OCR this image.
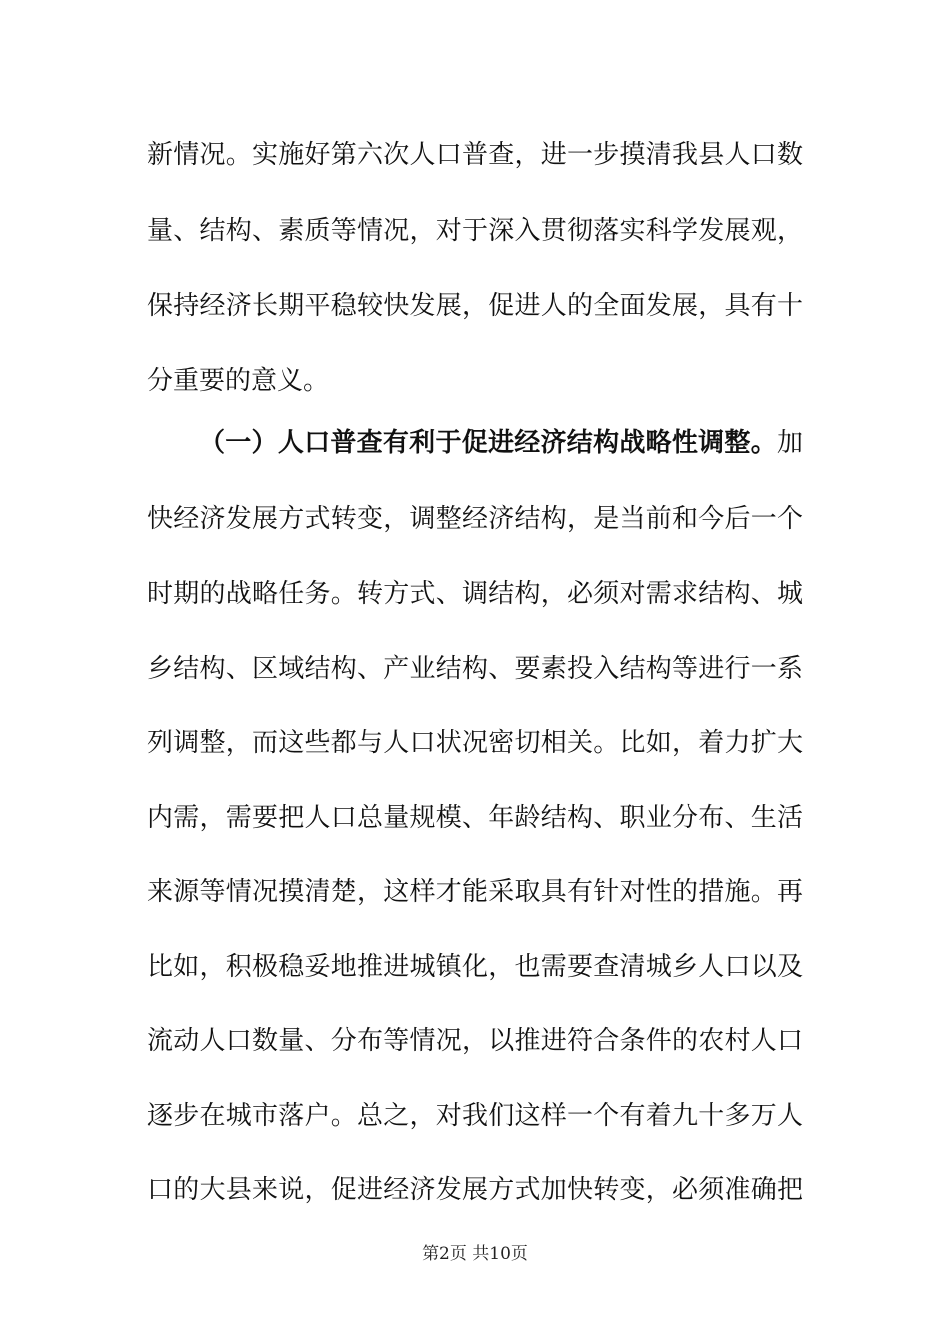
新情况。实施好第六次人口普查，进一步摸清我县人口数
量、结构、素质等情况，对于深入贯彻落实科学发展观，
保持经济长期平稳较快发展，促进人的全面发展，具有十
分重要的意义。
（一）人口普查有利于促进经济结构战略性调整。加
快经济发展方式转变，调整经济结构，是当前和今后一个
时期的战略任务。转方式、调结构，必须对需求结构、城
乡结构、区域结构、产业结构、要素投入结构等进行一系
列调整，而这些都与人口状况密切相关。比如，着力扩大
内需，需要把人口总量规模、年龄结构、职业分布、生活
来源等情况摸清楚，这样才能采取具有针对性的措施。再
比如，积极稳妥地推进城镇化，也需要查清城乡人口以及
流动人口数量、分布等情况，以推进符合条件的农村人口
逐步在城市落户。总之，对我们这样一个有着九十多万人
口的大县来说，促进经济发展方式加快转变，必须准确把
第2页 共10页
